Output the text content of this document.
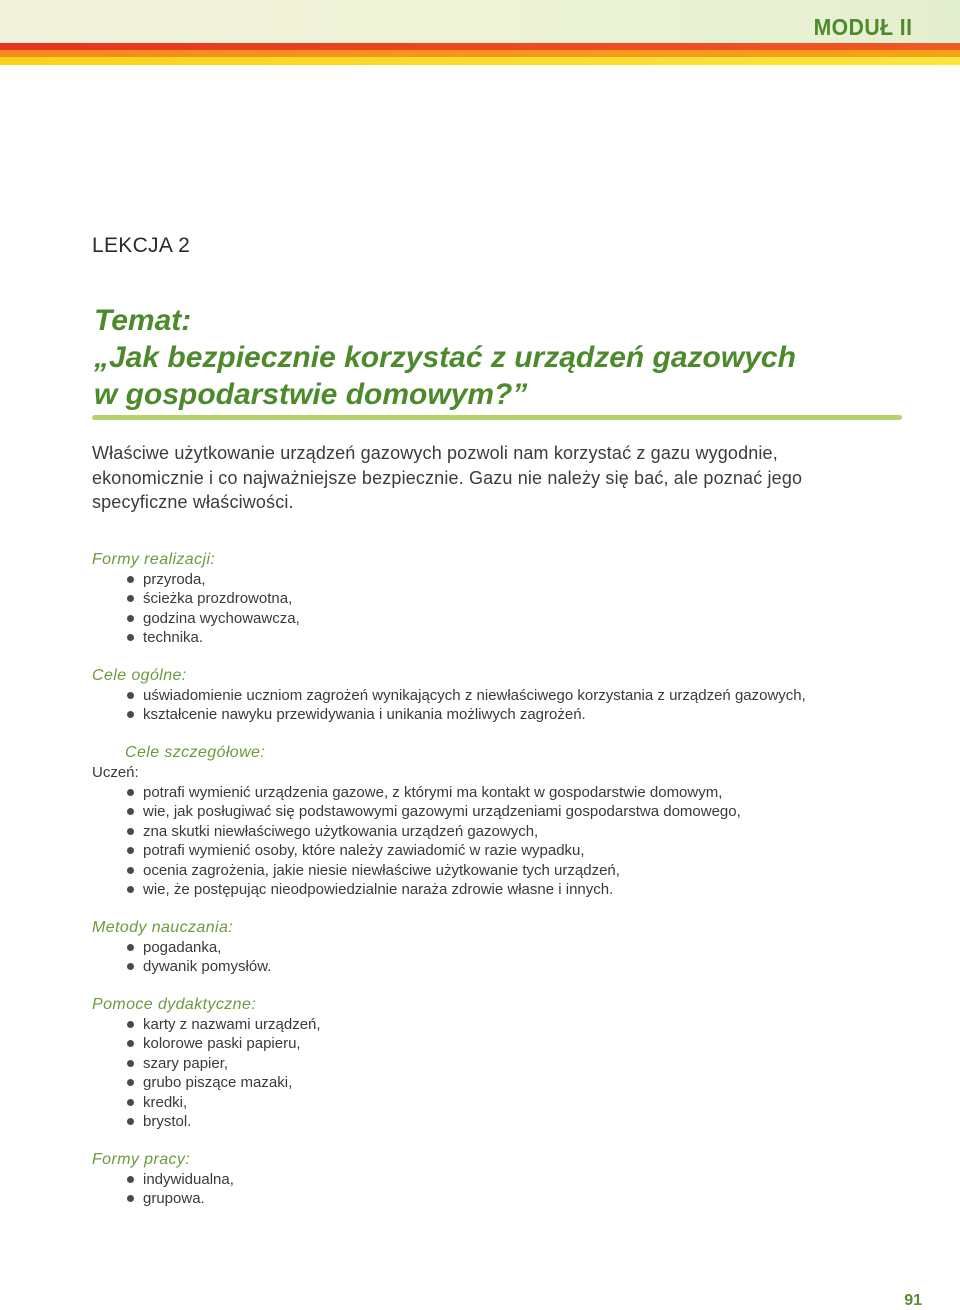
MODUŁ II
LEKCJA 2
Temat:
„Jak bezpiecznie korzystać z urządzeń gazowych
w gospodarstwie domowym?”
Właściwe użytkowanie urządzeń gazowych pozwoli nam korzystać z gazu wygodnie,
ekonomicznie i co najważniejsze bezpiecznie. Gazu nie należy się bać, ale poznać jego
specyficzne właściwości.
Formy realizacji:
przyroda,
ścieżka prozdrowotna,
godzina wychowawcza,
technika.
Cele ogólne:
uświadomienie uczniom zagrożeń wynikających z niewłaściwego korzystania z urządzeń gazowych,
kształcenie nawyku przewidywania i unikania możliwych zagrożeń.
Cele szczegółowe:
Uczeń:
potrafi wymienić urządzenia gazowe, z którymi ma kontakt w gospodarstwie domowym,
wie, jak posługiwać się podstawowymi gazowymi urządzeniami gospodarstwa domowego,
zna skutki niewłaściwego użytkowania urządzeń gazowych,
potrafi wymienić osoby, które należy zawiadomić w razie wypadku,
ocenia zagrożenia, jakie niesie niewłaściwe użytkowanie tych urządzeń,
wie, że postępując nieodpowiedzialnie naraża zdrowie własne i innych.
Metody nauczania:
pogadanka,
dywanik pomysłów.
Pomoce dydaktyczne:
karty z nazwami urządzeń,
kolorowe paski papieru,
szary papier,
grubo piszące mazaki,
kredki,
brystol.
Formy pracy:
indywidualna,
grupowa.
91
